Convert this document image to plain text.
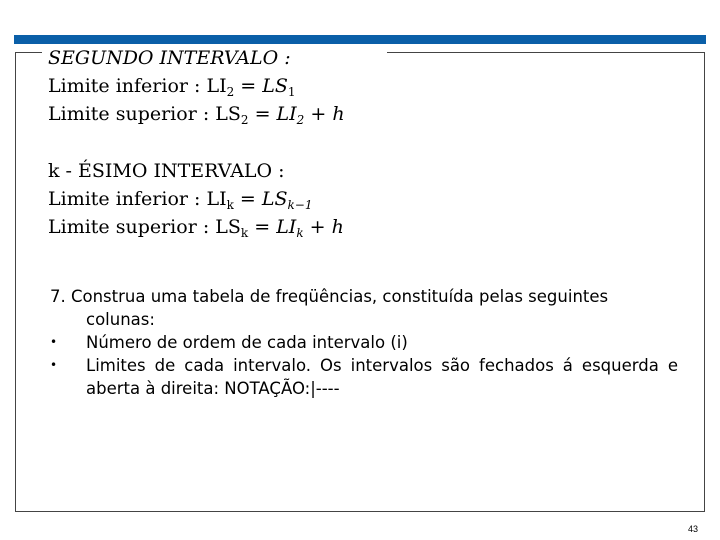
SEGUNDO INTERVALO :
Limite inferior : $LI_2 = LS_1$
Limite superior : $LS_2 = LI_2 + h$
k - ÉSIMO INTERVALO :
Limite inferior : $LI_k = LS_{k-1}$
Limite superior : $LS_k = LI_k + h$

7. Construa uma tabela de freqüências, constituída pelas seguintes

colunas:

• Número de ordem de cada intervalo (i)

• Limites de cada intervalo. Os intervalos são fechados á esquerda e aberta à direita: NOTAÇÃO:|----

43
